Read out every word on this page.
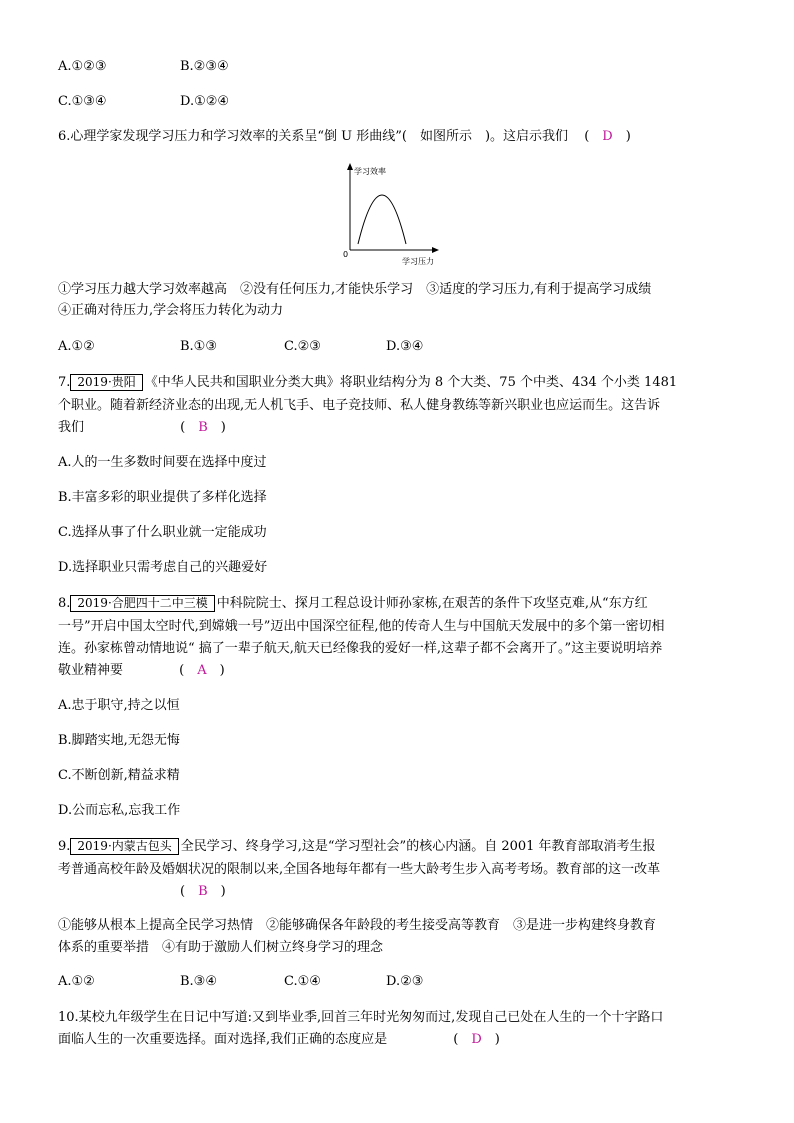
A.①②③	B.②③④
C.①③④	D.①②④
6.心理学家发现学习压力和学习效率的关系呈“倒 U 形曲线”(　如图所示　)。这启示我们 (　D　)
学习效率
学习压力
0
①学习压力越大学习效率越高　②没有任何压力,才能快乐学习　③适度的学习压力,有利于提高学习成绩
④正确对待压力,学会将压力转化为动力
A.①②	B.①③	C.②③	D.③④
7. 2019·贵阳 《中华人民共和国职业分类大典》将职业结构分为 8 个大类、75 个中类、434 个小类 1481
个职业。随着新经济业态的出现,无人机飞手、电子竞技师、私人健身教练等新兴职业也应运而生。这告诉
我们	(　B　)
A.人的一生多数时间要在选择中度过
B.丰富多彩的职业提供了多样化选择
C.选择从事了什么职业就一定能成功
D.选择职业只需考虑自己的兴趣爱好
8. 2019·合肥四十二中三模 中科院院士、探月工程总设计师孙家栋,在艰苦的条件下攻坚克难,从“东方红
一号”开启中国太空时代,到嫦娥一号”迈出中国深空征程,他的传奇人生与中国航天发展中的多个第一密切相
连。孙家栋曾动情地说“ 搞了一辈子航天,航天已经像我的爱好一样,这辈子都不会离开了。”这主要说明培养
敬业精神要	(　A　)
A.忠于职守,持之以恒
B.脚踏实地,无怨无悔
C.不断创新,精益求精
D.公而忘私,忘我工作
9. 2019·内蒙古包头 全民学习、终身学习,这是“学习型社会”的核心内涵。自 2001 年教育部取消考生报
考普通高校年龄及婚姻状况的限制以来,全国各地每年都有一些大龄考生步入高考考场。教育部的这一改革
(　B　)
①能够从根本上提高全民学习热情　②能够确保各年龄段的考生接受高等教育　③是进一步构建终身教育
体系的重要举措　④有助于激励人们树立终身学习的理念
A.①②	B.③④	C.①④	D.②③
10.某校九年级学生在日记中写道:又到毕业季,回首三年时光匆匆而过,发现自己已处在人生的一个十字路口
面临人生的一次重要选择。面对选择,我们正确的态度应是	(　D　)
